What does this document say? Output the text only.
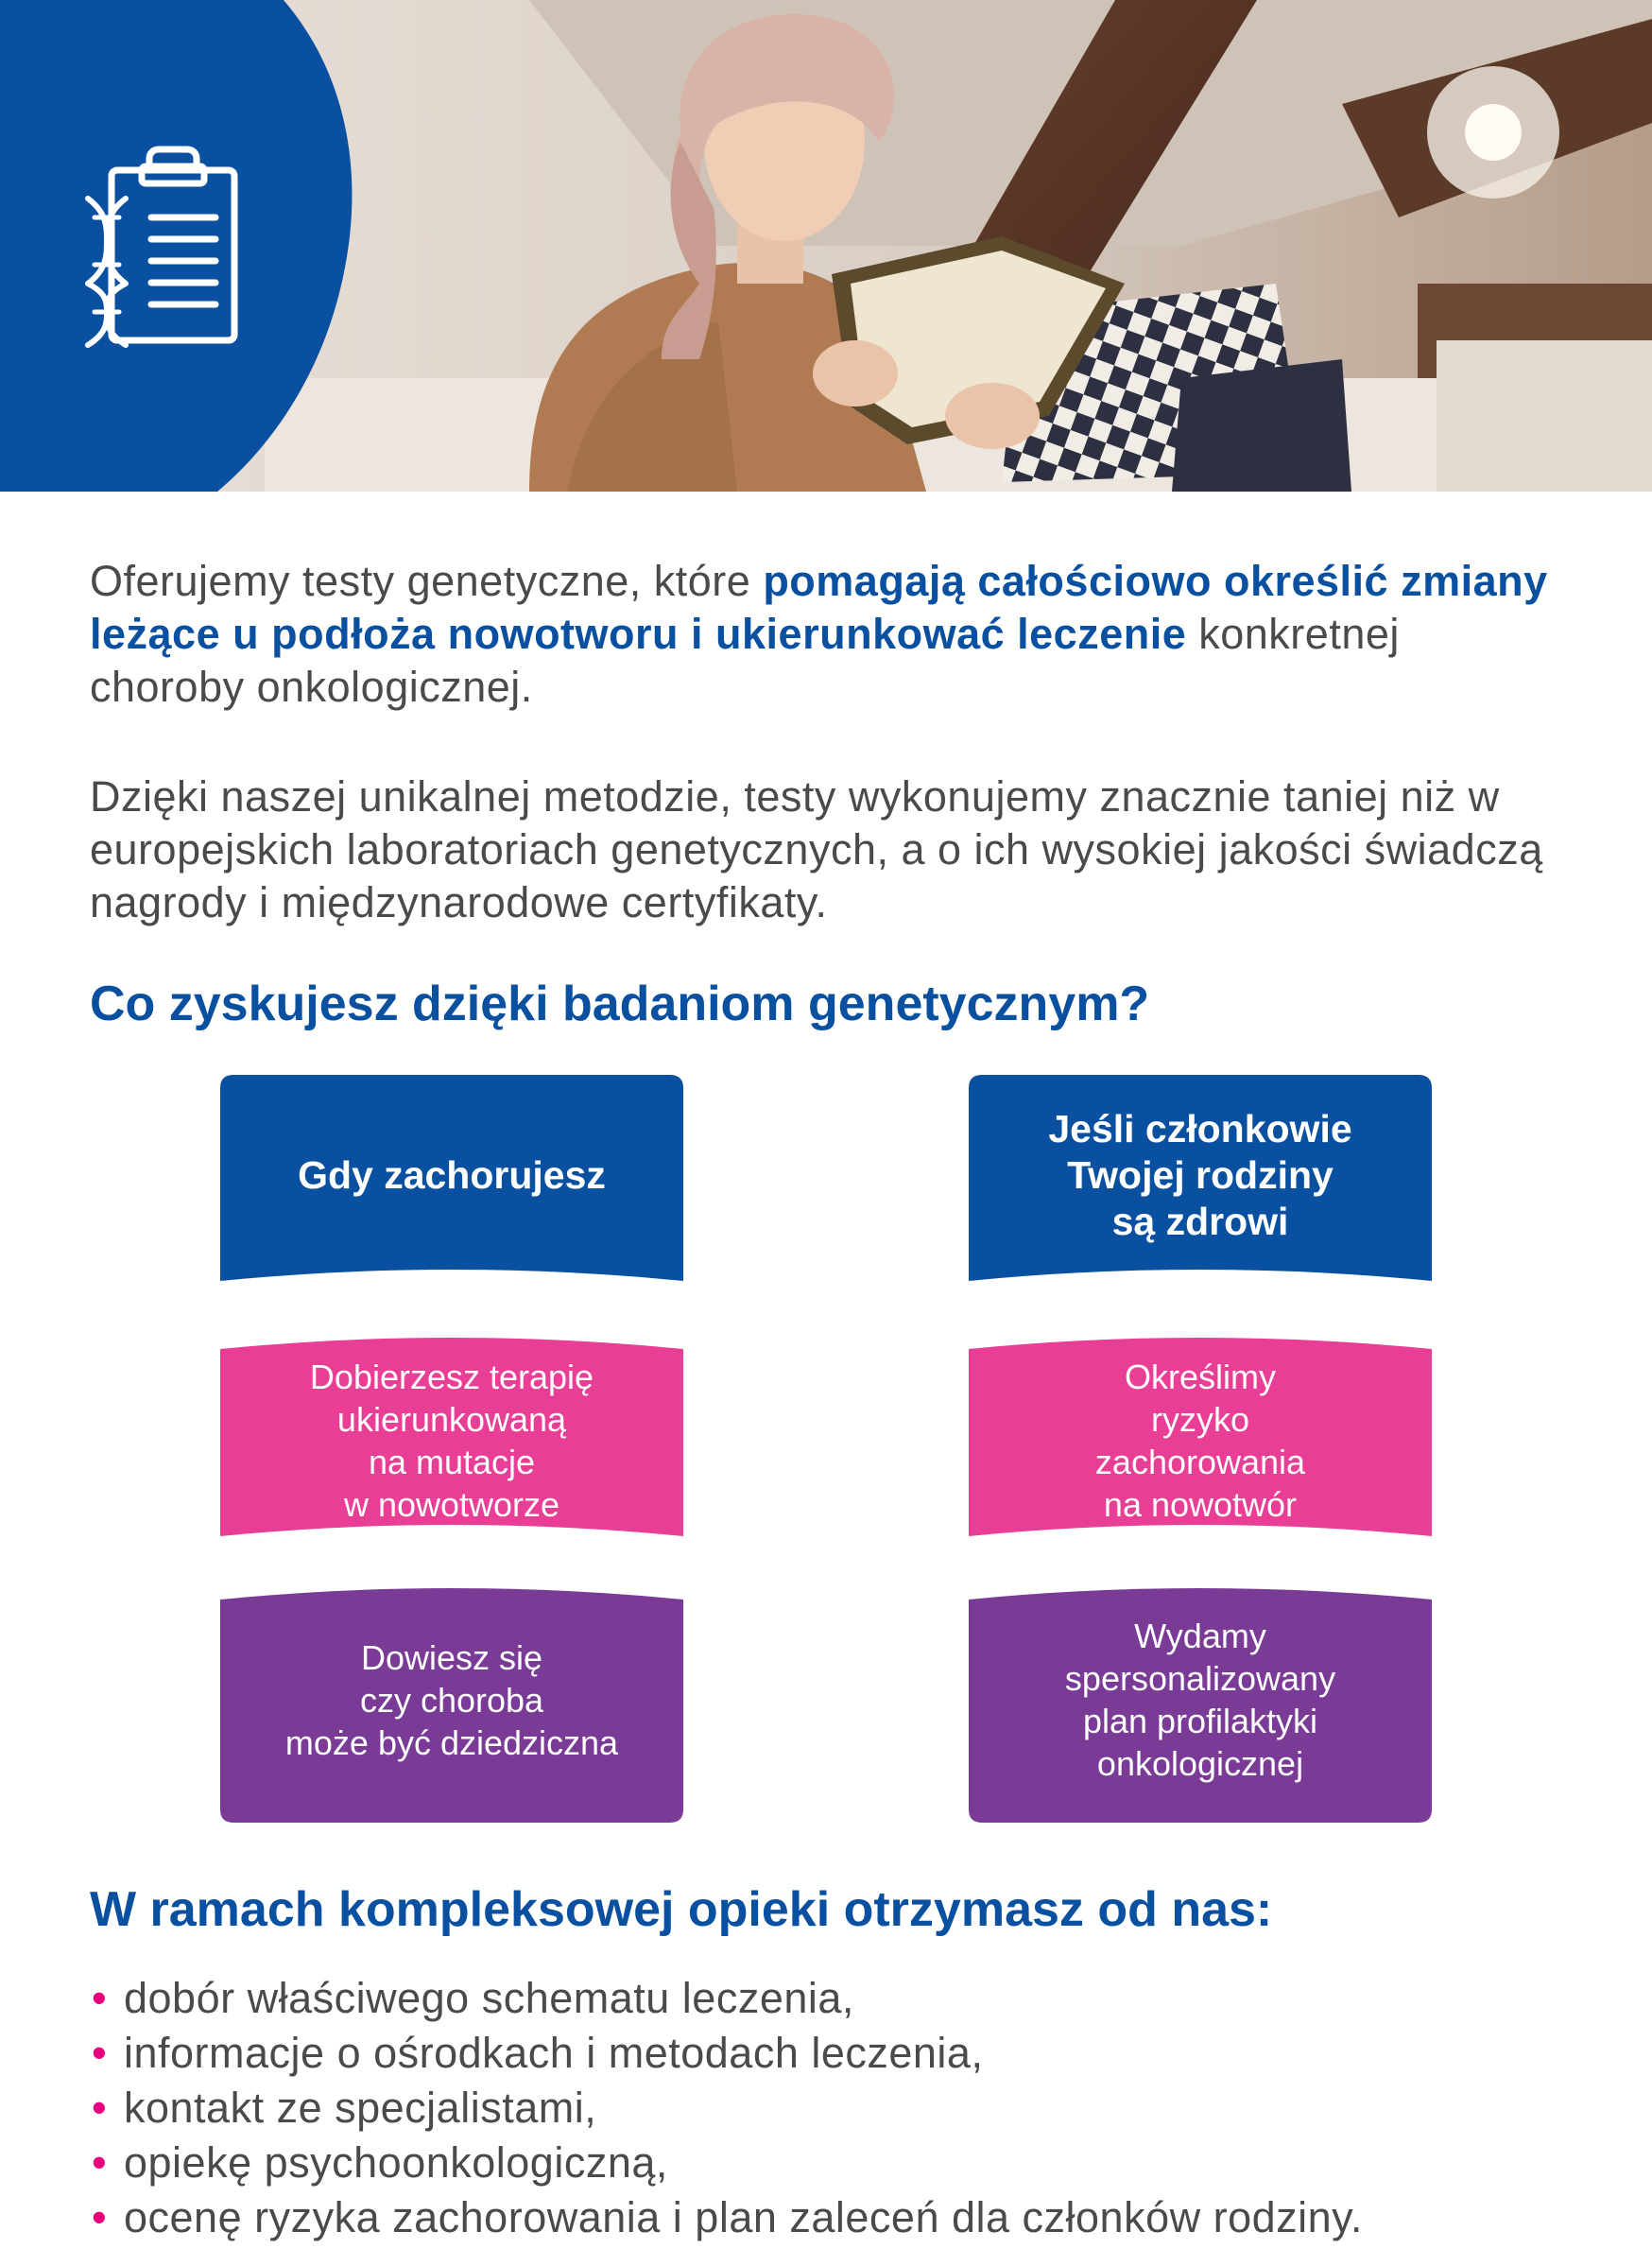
Oferujemy testy genetyczne, które pomagają całościowo określić zmiany leżące u podłoża nowotworu i ukierunkować leczenie konkretnej choroby onkologicznej.
Dzięki naszej unikalnej metodzie, testy wykonujemy znacznie taniej niż w europejskich laboratoriach genetycznych, a o ich wysokiej jakości świadczą nagrody i międzynarodowe certyfikaty.
Co zyskujesz dzięki badaniom genetycznym?
Gdy zachorujesz
Dobierzesz terapię
ukierunkowaną
na mutacje
w nowotworze
Dowiesz się
czy choroba
może być dziedziczna
Jeśli członkowie
Twojej rodziny
są zdrowi
Określimy
ryzyko
zachorowania
na nowotwór
Wydamy
spersonalizowany
plan profilaktyki
onkologicznej
W ramach kompleksowej opieki otrzymasz od nas:
• dobór właściwego schematu leczenia,
• informacje o ośrodkach i metodach leczenia,
• kontakt ze specjalistami,
• opiekę psychoonkologiczną,
• ocenę ryzyka zachorowania i plan zaleceń dla członków rodziny.
